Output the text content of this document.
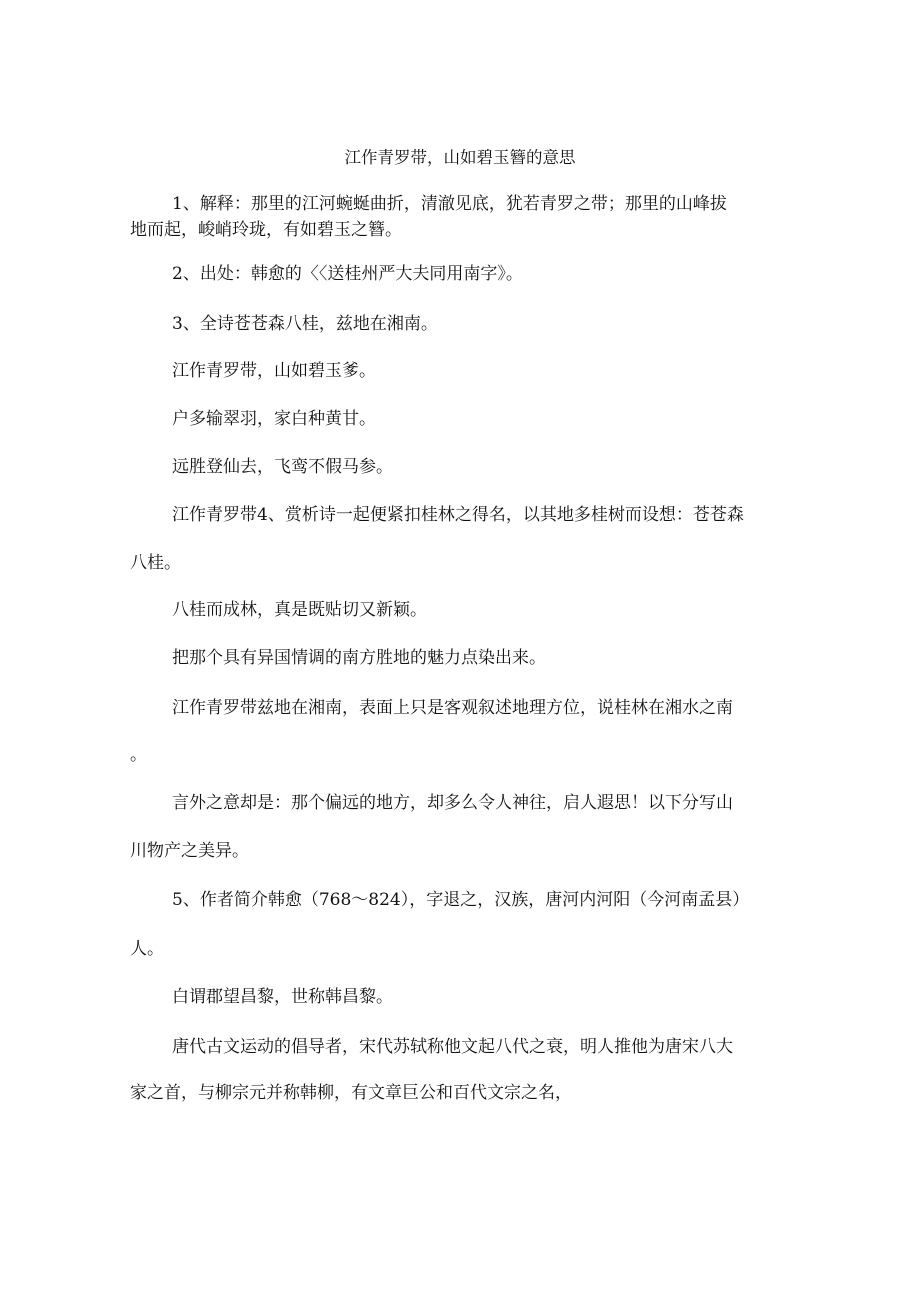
江作青罗带，山如碧玉簪的意思
1、解释：那里的江河蜿蜒曲折，清澈见底，犹若青罗之带；那里的山峰拔
地而起，峻峭玲珑，有如碧玉之簪。
2、出处：韩愈的〈〈送桂州严大夫同用南字》。
3、全诗苍苍森八桂，兹地在湘南。
江作青罗带，山如碧玉爹。
户多输翠羽，家白种黄甘。
远胜登仙去，飞鸾不假马参。
江作青罗带4、赏析诗一起便紧扣桂林之得名，以其地多桂树而设想：苍苍森
八桂。
八桂而成林，真是既贴切又新颖。
把那个具有异国情调的南方胜地的魅力点染出来。
江作青罗带兹地在湘南，表面上只是客观叙述地理方位，说桂林在湘水之南
。
言外之意却是：那个偏远的地方，却多么令人神往，启人遐思！以下分写山
川物产之美异。
5、作者简介韩愈（768～824），字退之，汉族，唐河内河阳（今河南孟县）
人。
白谓郡望昌黎，世称韩昌黎。
唐代古文运动的倡导者，宋代苏轼称他文起八代之衰，明人推他为唐宋八大
家之首，与柳宗元并称韩柳，有文章巨公和百代文宗之名，
